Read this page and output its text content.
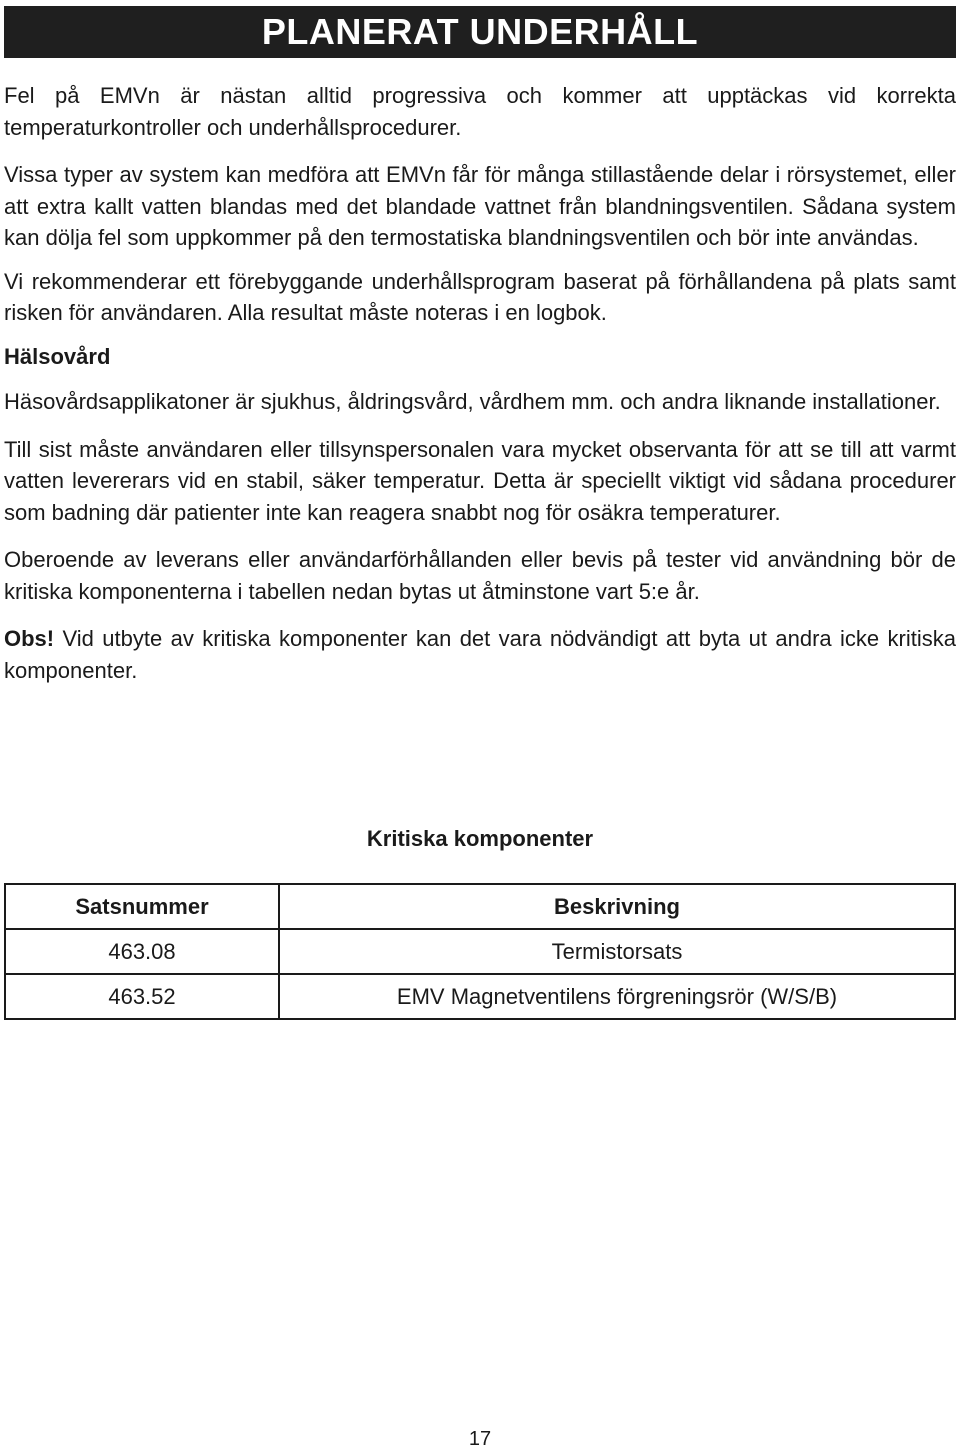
PLANERAT UNDERHÅLL

Fel på EMVn är nästan alltid progressiva och kommer att upptäckas vid korrekta temperaturkontroller och underhållsprocedurer.

Vissa typer av system kan medföra att EMVn får för många stillastående delar i rörsystemet, eller att extra kallt vatten blandas med det blandade vattnet från blandningsventilen. Sådana system kan dölja fel som uppkommer på den termostatiska blandningsventilen och bör inte användas.

Vi rekommenderar ett förebyggande underhållsprogram baserat på förhållandena på plats samt risken för användaren. Alla resultat måste noteras i en logbok.

Hälsovård

Häsovårdsapplikatoner är sjukhus, åldringsvård, vårdhem mm. och andra liknande installationer.

Till sist måste användaren eller tillsynspersonalen vara mycket observanta för att se till att varmt vatten levererars vid en stabil, säker temperatur. Detta är speciellt viktigt vid sådana procedurer som badning där patienter inte kan reagera snabbt nog för osäkra temperaturer.

Oberoende av leverans eller användarförhållanden eller bevis på tester vid användning bör de kritiska komponenterna i tabellen nedan bytas ut åtminstone vart 5:e år.

Obs! Vid utbyte av kritiska komponenter kan det vara nödvändigt att byta ut andra icke kritiska komponenter.

Kritiska komponenter
Satsnummer	Beskrivning
463.08	Termistorsats
463.52	EMV Magnetventilens förgreningsrör (W/S/B)
17
